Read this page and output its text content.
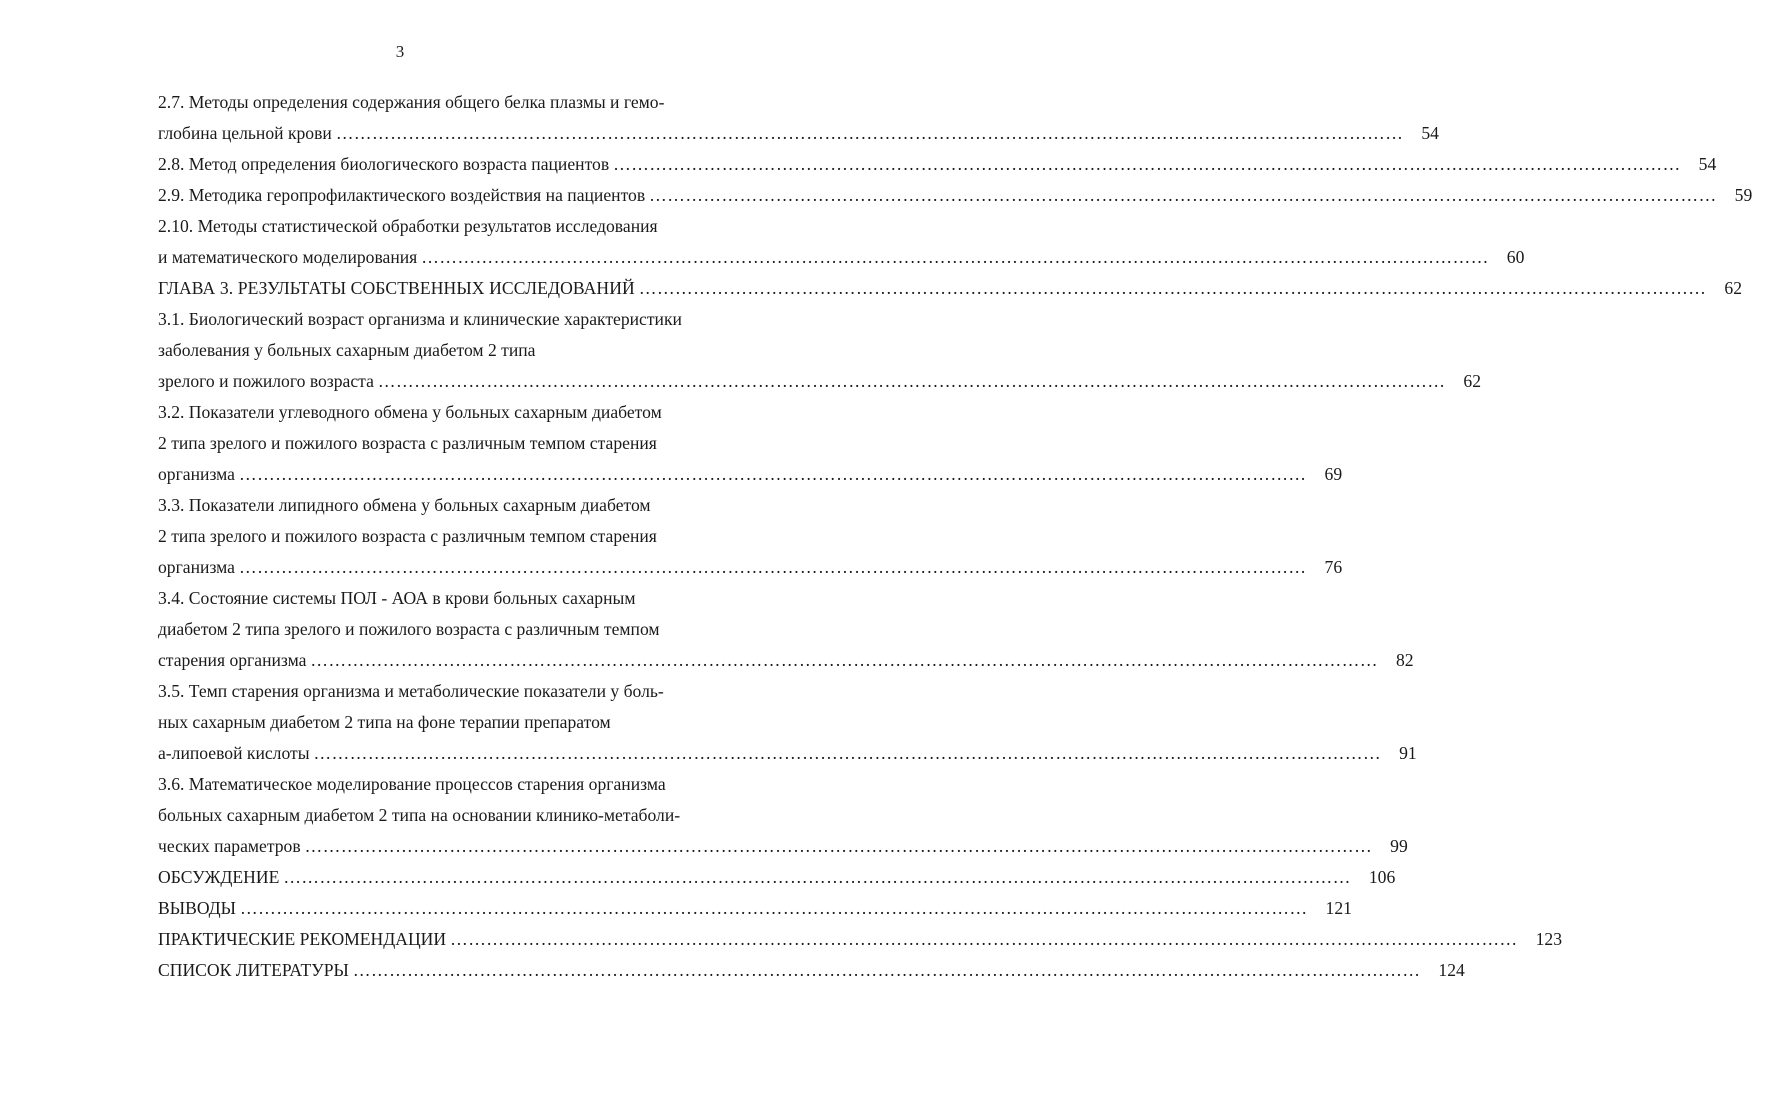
3
2.7. Методы определения содержания общего белка плазмы и гемо-
глобина цельной крови ……………………………………………………………………………………………………………………………………………………………	54
2.8. Метод определения биологического возраста пациентов ……………………………………………………………………………………………………………………………………………………………	54
2.9. Методика геропрофилактического воздействия на пациентов ……………………………………………………………………………………………………………………………………………………………	59
2.10. Методы статистической обработки результатов исследования
и математического моделирования ……………………………………………………………………………………………………………………………………………………………	60
ГЛАВА 3. РЕЗУЛЬТАТЫ СОБСТВЕННЫХ ИССЛЕДОВАНИЙ ……………………………………………………………………………………………………………………………………………………………	62
3.1. Биологический возраст организма и клинические характеристики
заболевания у больных сахарным диабетом 2 типа
зрелого и пожилого возраста ……………………………………………………………………………………………………………………………………………………………	62
3.2. Показатели углеводного обмена у больных сахарным диабетом
2 типа зрелого и пожилого возраста с различным темпом старения
организма ……………………………………………………………………………………………………………………………………………………………	69
3.3. Показатели липидного обмена у больных сахарным диабетом
2 типа зрелого и пожилого возраста с различным темпом старения
организма ……………………………………………………………………………………………………………………………………………………………	76
3.4. Состояние системы ПОЛ - АОА в крови больных сахарным
диабетом 2 типа зрелого и пожилого возраста с различным темпом
старения организма ……………………………………………………………………………………………………………………………………………………………	82
3.5. Темп старения организма и метаболические показатели у боль-
ных сахарным диабетом 2 типа на фоне терапии препаратом
а-липоевой кислоты ……………………………………………………………………………………………………………………………………………………………	91
3.6. Математическое моделирование процессов старения организма
больных сахарным диабетом 2 типа на основании клинико-метаболи-
ческих параметров ……………………………………………………………………………………………………………………………………………………………	99
ОБСУЖДЕНИЕ ……………………………………………………………………………………………………………………………………………………………	106
ВЫВОДЫ ……………………………………………………………………………………………………………………………………………………………	121
ПРАКТИЧЕСКИЕ РЕКОМЕНДАЦИИ ……………………………………………………………………………………………………………………………………………………………	123
СПИСОК ЛИТЕРАТУРЫ ……………………………………………………………………………………………………………………………………………………………	124
